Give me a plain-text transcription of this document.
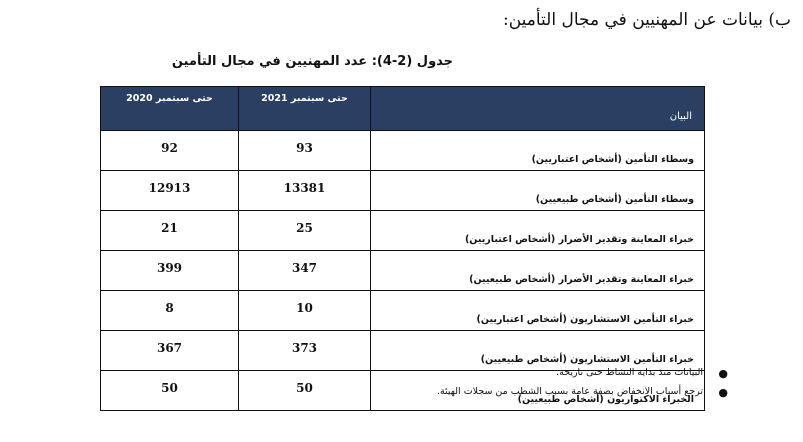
ب) بيانات عن المهنيين في مجال التأمين:
جدول (2-4): عدد المهنيين في مجال التأمين
حتى سبتمبر 2020	حتى سبتمبر 2021	البيان
92	93	وسطاء التأمين (أشخاص اعتباريين)
12913	13381	وسطاء التأمين (أشخاص طبيعيين)
21	25	خبراء المعاينة وتقدير الأضرار (أشخاص اعتباريين)
399	347	خبراء المعاينة وتقدير الأضرار (أشخاص طبيعيين)
8	10	خبراء التأمين الاستشاريون (أشخاص اعتباريين)
367	373	خبراء التأمين الاستشاريون (أشخاص طبيعيين)
50	50	الخبراء الاكتواريون (أشخاص طبيعيين)
●
البيانات منذ بداية النشاط حتى تاريخه.
●
ترجع أسباب الانخفاض بصفة عامة بسبب الشطب من سجلات الهيئة.
